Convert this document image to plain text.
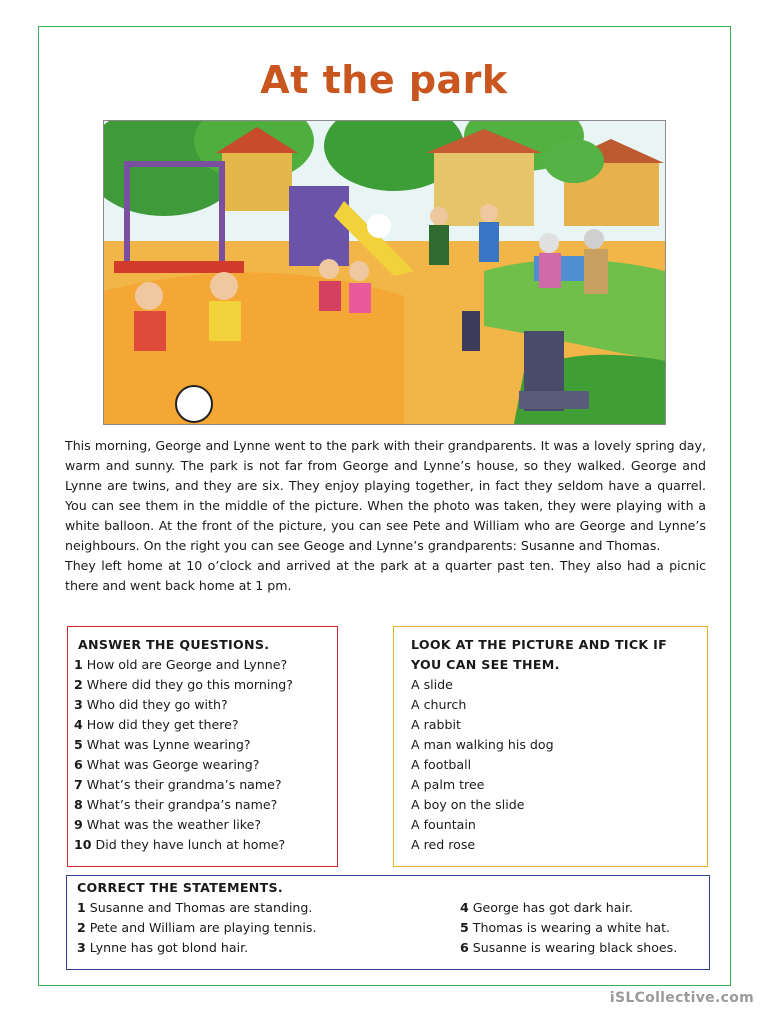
At the park

This morning, George and Lynne went to the park with their grandparents. It was a lovely spring day, warm and sunny. The park is not far from George and Lynne’s house, so they walked. George and Lynne are twins, and they are six. They enjoy playing together, in fact they seldom have a quarrel. You can see them in the middle of the picture. When the photo was taken, they were playing with a white balloon. At the front of the picture, you can see Pete and William who are George and Lynne’s neighbours. On the right you can see Geoge and Lynne’s grandparents: Susanne and Thomas.

They left home at 10 o’clock and arrived at the park at a quarter past ten. They also had a picnic there and went back home at 1 pm.

ANSWER THE QUESTIONS.
1 How old are George and Lynne?
2 Where did they go this morning?
3 Who did they go with?
4 How did they get there?
5 What was Lynne wearing?
6 What was George wearing?
7 What’s their grandma’s name?
8 What’s their grandpa’s name?
9 What was the weather like?
10 Did they have lunch at home?
LOOK AT THE PICTURE AND TICK IF
YOU CAN SEE THEM.
A slide
A church
A rabbit
A man walking his dog
A football
A palm tree
A boy on the slide
A fountain
A red rose
CORRECT THE STATEMENTS.
1 Susanne and Thomas are standing.
2 Pete and William are playing tennis.
3 Lynne has got blond hair.
4 George has got dark hair.
5 Thomas is wearing a white hat.
6 Susanne is wearing black shoes.
iSLCollective.com
